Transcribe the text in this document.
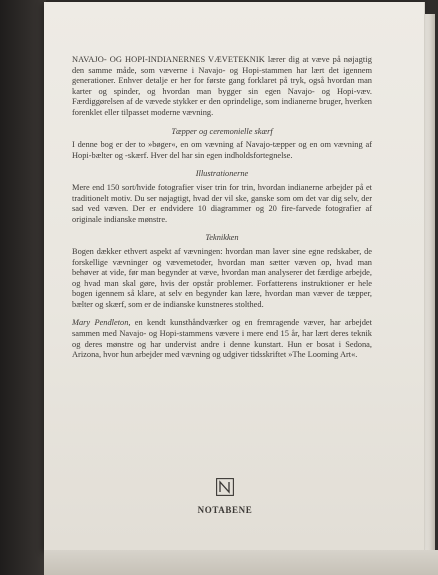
NAVAJO- OG HOPI-INDIANERNES VÆVETEKNIK lærer dig at væve på nøjagtig den samme måde, som væverne i Navajo- og Hopi-stammen har lært det igennem generationer. Enhver detalje er her for første gang forklaret på tryk, også hvordan man karter og spinder, og hvordan man bygger sin egen Navajo- og Hopi-væv. Færdiggørelsen af de vævede stykker er den oprindelige, som indianerne bruger, hverken forenklet eller tilpasset moderne vævning.

Tæpper og ceremonielle skærf

I denne bog er der to »bøger«, en om vævning af Navajo-tæpper og en om vævning af Hopi-bælter og -skærf. Hver del har sin egen indholdsfortegnelse.

Illustrationerne

Mere end 150 sort/hvide fotografier viser trin for trin, hvordan indianerne arbejder på et traditionelt motiv. Du ser nøjagtigt, hvad der vil ske, ganske som om det var dig selv, der sad ved væven. Der er endvidere 10 diagrammer og 20 fire-farvede fotografier af originale indianske mønstre.

Teknikken

Bogen dækker ethvert aspekt af vævningen: hvordan man laver sine egne redskaber, de forskellige vævninger og vævemetoder, hvordan man sætter væven op, hvad man behøver at vide, før man begynder at væve, hvordan man analyserer det færdige arbejde, og hvad man skal gøre, hvis der opstår problemer. Forfatterens instruktioner er hele bogen igennem så klare, at selv en begynder kan lære, hvordan man væver de tæpper, bælter og skærf, som er de indianske kunstneres stolthed.

Mary Pendleton, en kendt kunsthåndværker og en fremragende væver, har arbejdet sammen med Navajo- og Hopi-stammens vævere i mere end 15 år, har lært deres teknik og deres mønstre og har undervist andre i denne kunstart. Hun er bosat i Sedona, Arizona, hvor hun arbejder med vævning og udgiver tidsskriftet »The Looming Art«.

NOTABENE
